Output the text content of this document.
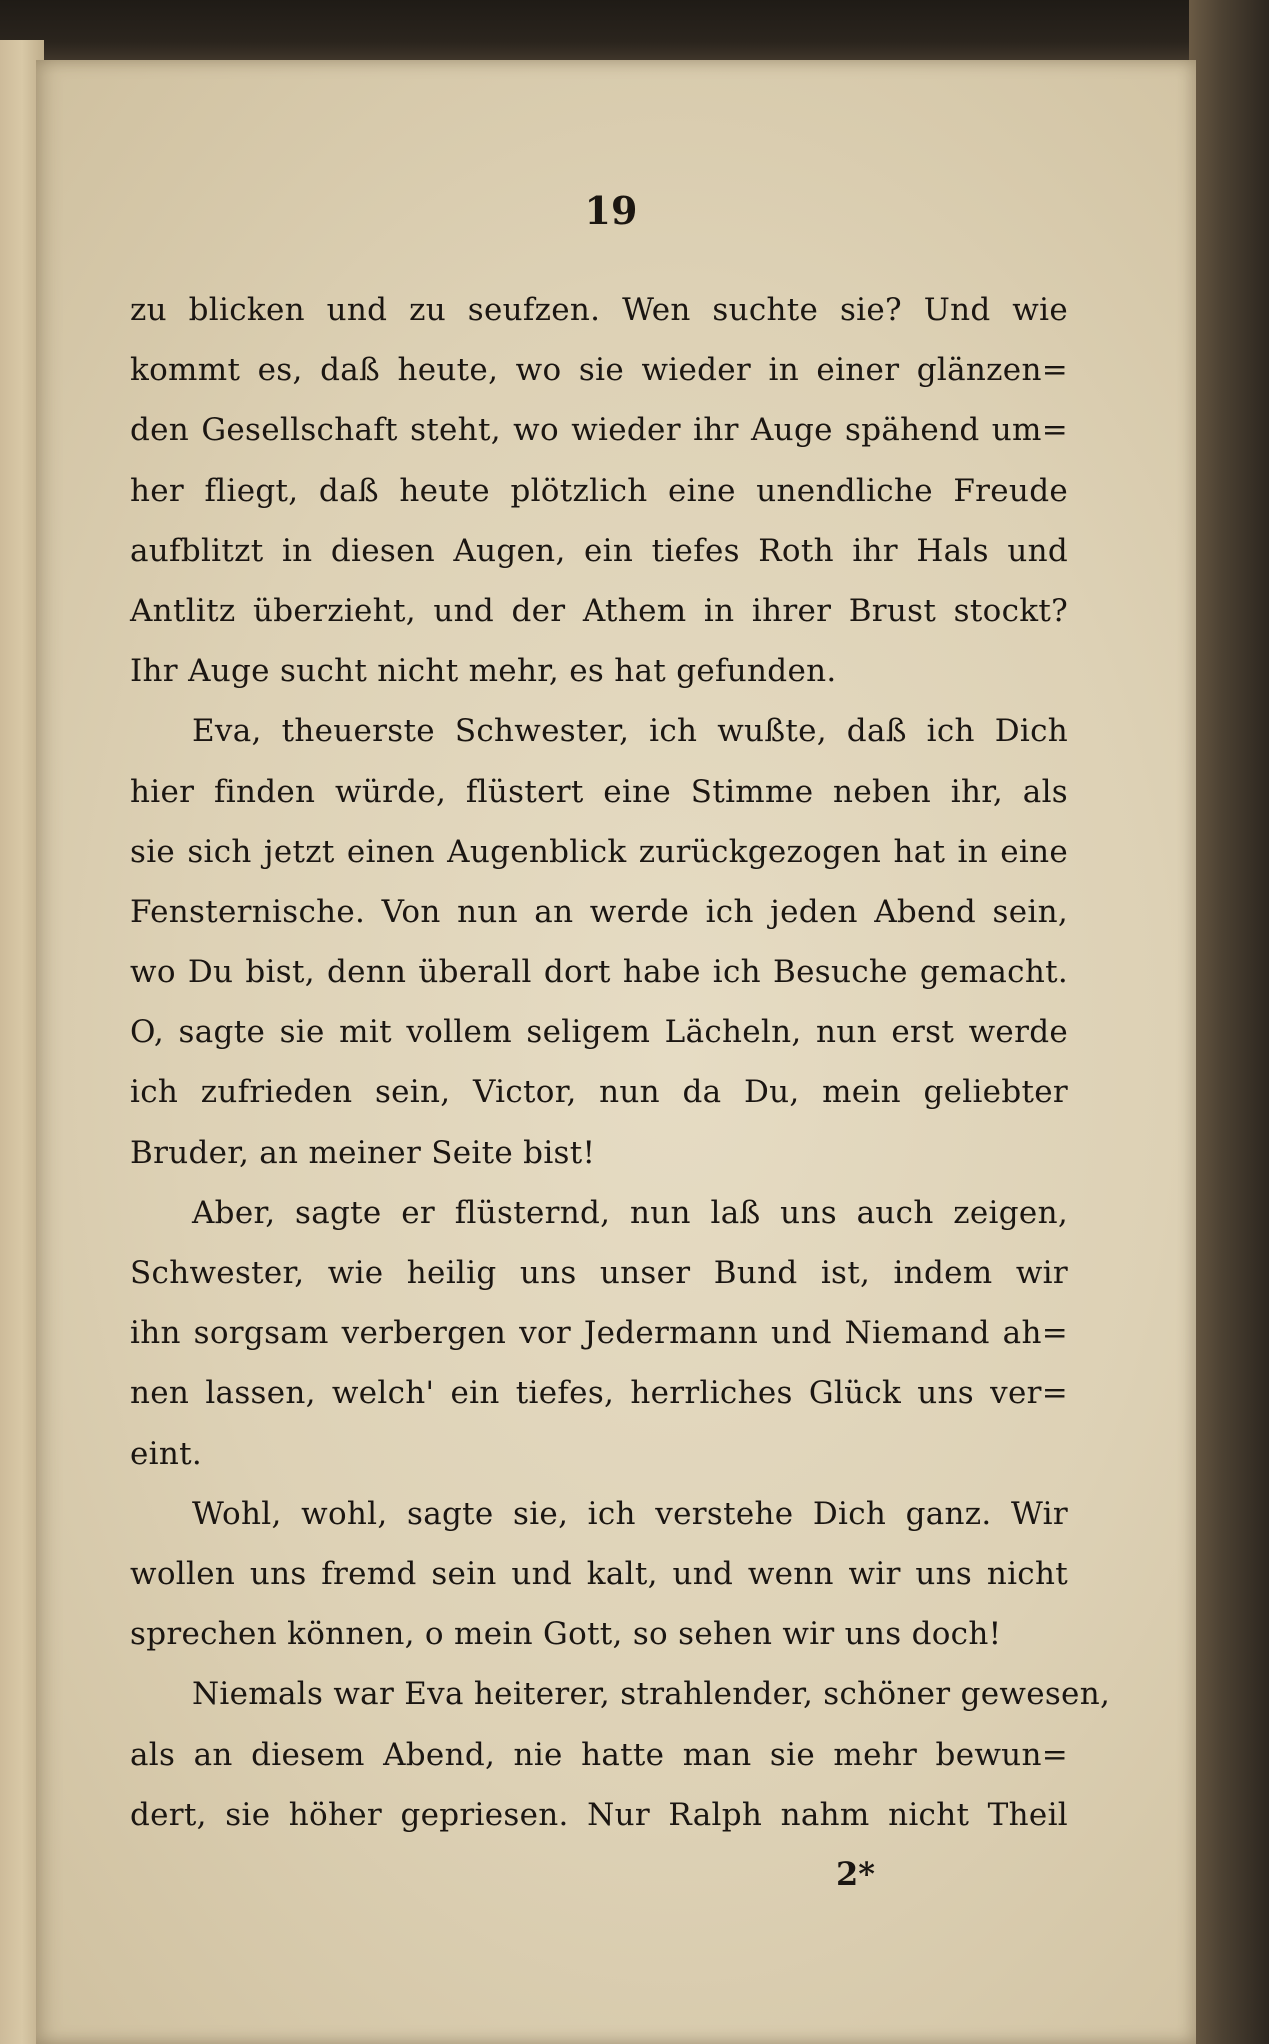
19
zu blicken und zu seufzen. Wen suchte sie? Und wie
kommt es, daß heute, wo sie wieder in einer glänzen=
den Gesellschaft steht, wo wieder ihr Auge spähend um=
her fliegt, daß heute plötzlich eine unendliche Freude
aufblitzt in diesen Augen, ein tiefes Roth ihr Hals und
Antlitz überzieht, und der Athem in ihrer Brust stockt?
Ihr Auge sucht nicht mehr, es hat gefunden.
Eva, theuerste Schwester, ich wußte, daß ich Dich
hier finden würde, flüstert eine Stimme neben ihr, als
sie sich jetzt einen Augenblick zurückgezogen hat in eine
Fensternische. Von nun an werde ich jeden Abend sein,
wo Du bist, denn überall dort habe ich Besuche gemacht.
O, sagte sie mit vollem seligem Lächeln, nun erst werde
ich zufrieden sein, Victor, nun da Du, mein geliebter
Bruder, an meiner Seite bist!
Aber, sagte er flüsternd, nun laß uns auch zeigen,
Schwester, wie heilig uns unser Bund ist, indem wir
ihn sorgsam verbergen vor Jedermann und Niemand ah=
nen lassen, welch' ein tiefes, herrliches Glück uns ver=
eint.
Wohl, wohl, sagte sie, ich verstehe Dich ganz. Wir
wollen uns fremd sein und kalt, und wenn wir uns nicht
sprechen können, o mein Gott, so sehen wir uns doch!
Niemals war Eva heiterer, strahlender, schöner gewesen,
als an diesem Abend, nie hatte man sie mehr bewun=
dert, sie höher gepriesen. Nur Ralph nahm nicht Theil
2*
